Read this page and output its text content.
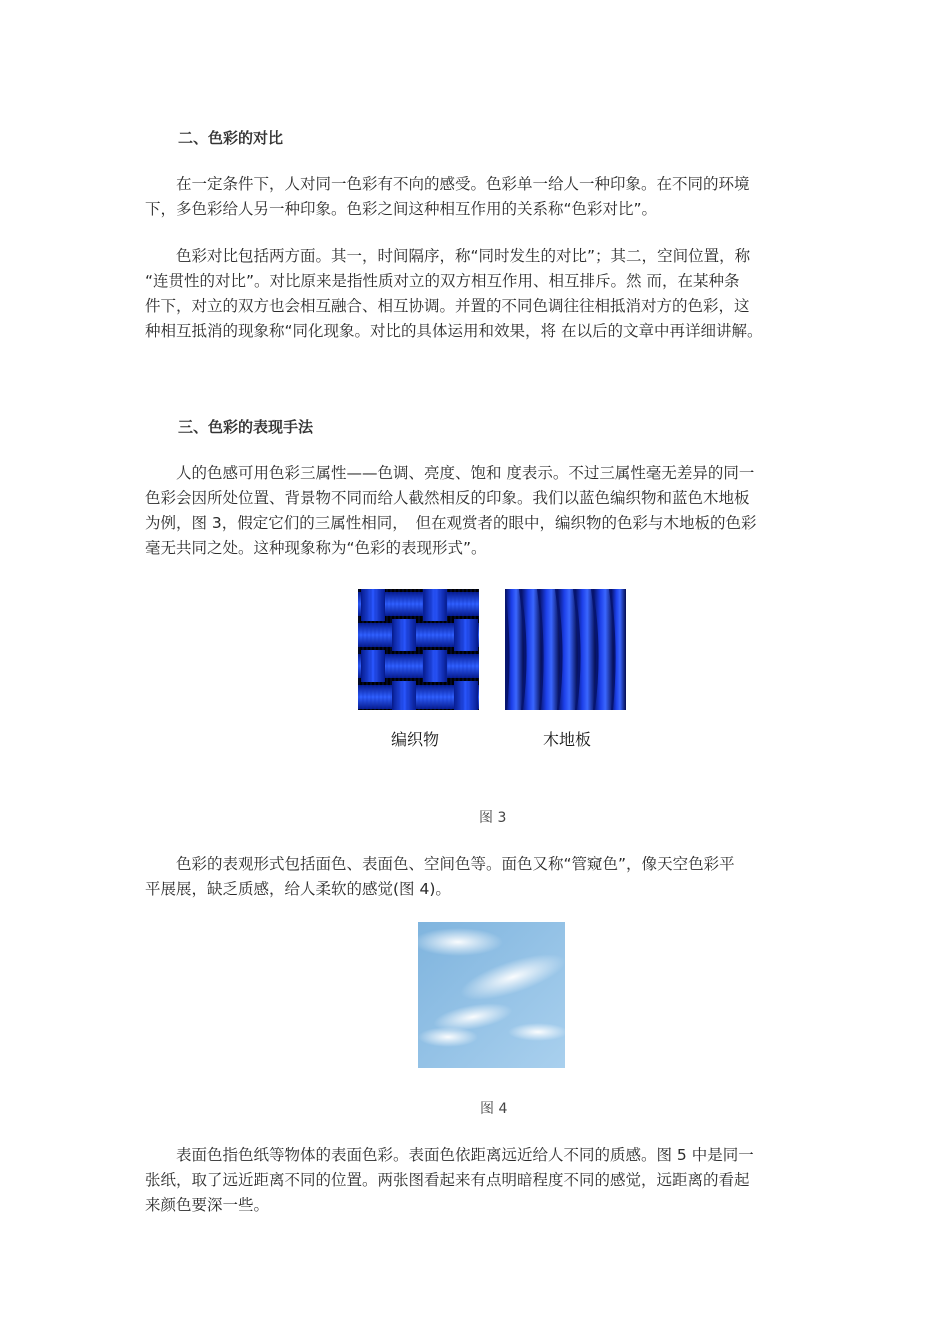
二、色彩的对比
　　在一定条件下，人对同一色彩有不向的感受。色彩单一给人一种印象。在不同的环境
下，多色彩给人另一种印象。色彩之间这种相互作用的关系称“色彩对比”。
　　色彩对比包括两方面。其一，时间隔序，称“同时发生的对比”；其二，空间位置，称
“连贯性的对比”。对比原来是指性质对立的双方相互作用、相互排斥。然 而，在某种条
件下，对立的双方也会相互融合、相互协调。并置的不同色调往往相抵消对方的色彩，这
种相互抵消的现象称“同化现象。对比的具体运用和效果，将 在以后的文章中再详细讲解。
三、色彩的表现手法
　　人的色感可用色彩三属性——色调、亮度、饱和 度表示。不过三属性毫无差异的同一
色彩会因所处位置、背景物不同而给人截然相反的印象。我们以蓝色编织物和蓝色木地板
为例，图 3，假定它们的三属性相同，　但在观赏者的眼中，编织物的色彩与木地板的色彩
毫无共同之处。这种现象称为“色彩的表现形式”。
编织物	木地板
图 3
　　色彩的表观形式包括面色、表面色、空间色等。面色又称“管窥色”，像天空色彩平
平展展，缺乏质感，给人柔软的感觉(图 4)。
图 4
　　表面色指色纸等物体的表面色彩。表面色依距离远近给人不同的质感。图 5 中是同一
张纸，取了远近距离不同的位置。两张图看起来有点明暗程度不同的感觉，远距离的看起
来颜色要深一些。
